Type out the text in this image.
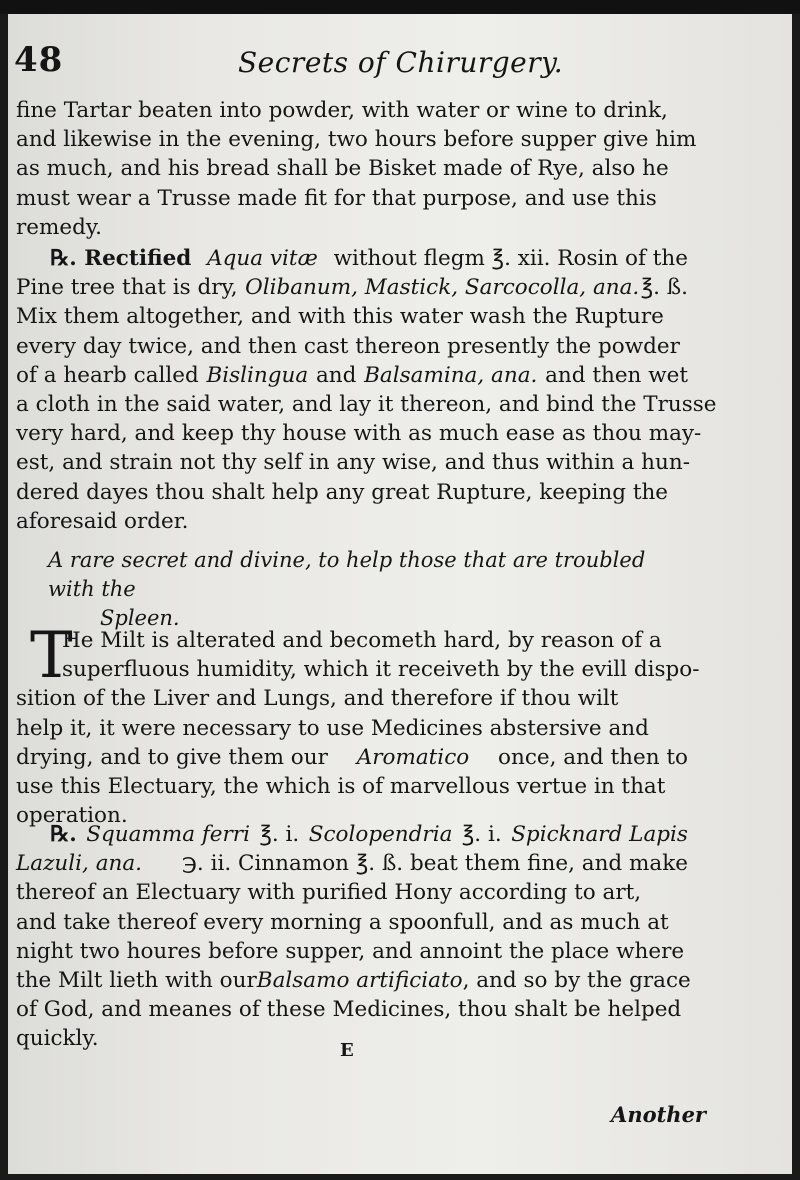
48	Secrets of Chirurgery.
fine Tartar beaten into powder, with water or wine to drink,
and likewise in the evening, two hours before supper give him
as much, and his bread shall be Bisket made of Rye, also he
must wear a Trusse made fit for that purpose, and use this
remedy.
℞. Rectified Aqua vitæ without flegm ℥. xii. Rosin of the
Pine tree that is dry, Olibanum, Mastick, Sarcocolla, ana. ℥. ß.
Mix them altogether, and with this water wash the Rupture
every day twice, and then cast thereon presently the powder
of a hearb called Bislingua and Balsamina, ana. and then wet
a cloth in the said water, and lay it thereon, and bind the Trusse
very hard, and keep thy house with as much ease as thou may-
est, and strain not thy self in any wise, and thus within a hun-
dered dayes thou shalt help any great Rupture, keeping the
aforesaid order.
A rare secret and divine, to help those that are troubled with the
Spleen.
T
He Milt is alterated and becometh hard, by reason of a
superfluous humidity, which it receiveth by the evill dispo-
sition of the Liver and Lungs, and therefore if thou wilt
help it, it were necessary to use Medicines abstersive and
drying, and to give them our Aromatico once, and then to
use this Electuary, the which is of marvellous vertue in that
operation.
℞. Squamma ferri ℥. i. Scolopendria ℥. i. Spicknard Lapis
Lazuli, ana. ℈. ii. Cinnamon ℥. ß. beat them fine, and make
thereof an Electuary with purified Hony according to art,
and take thereof every morning a spoonfull, and as much at
night two houres before supper, and annoint the place where
the Milt lieth with our Balsamo artificiato , and so by the grace
of God, and meanes of these Medicines, thou shalt be helped
quickly.	E
Another
